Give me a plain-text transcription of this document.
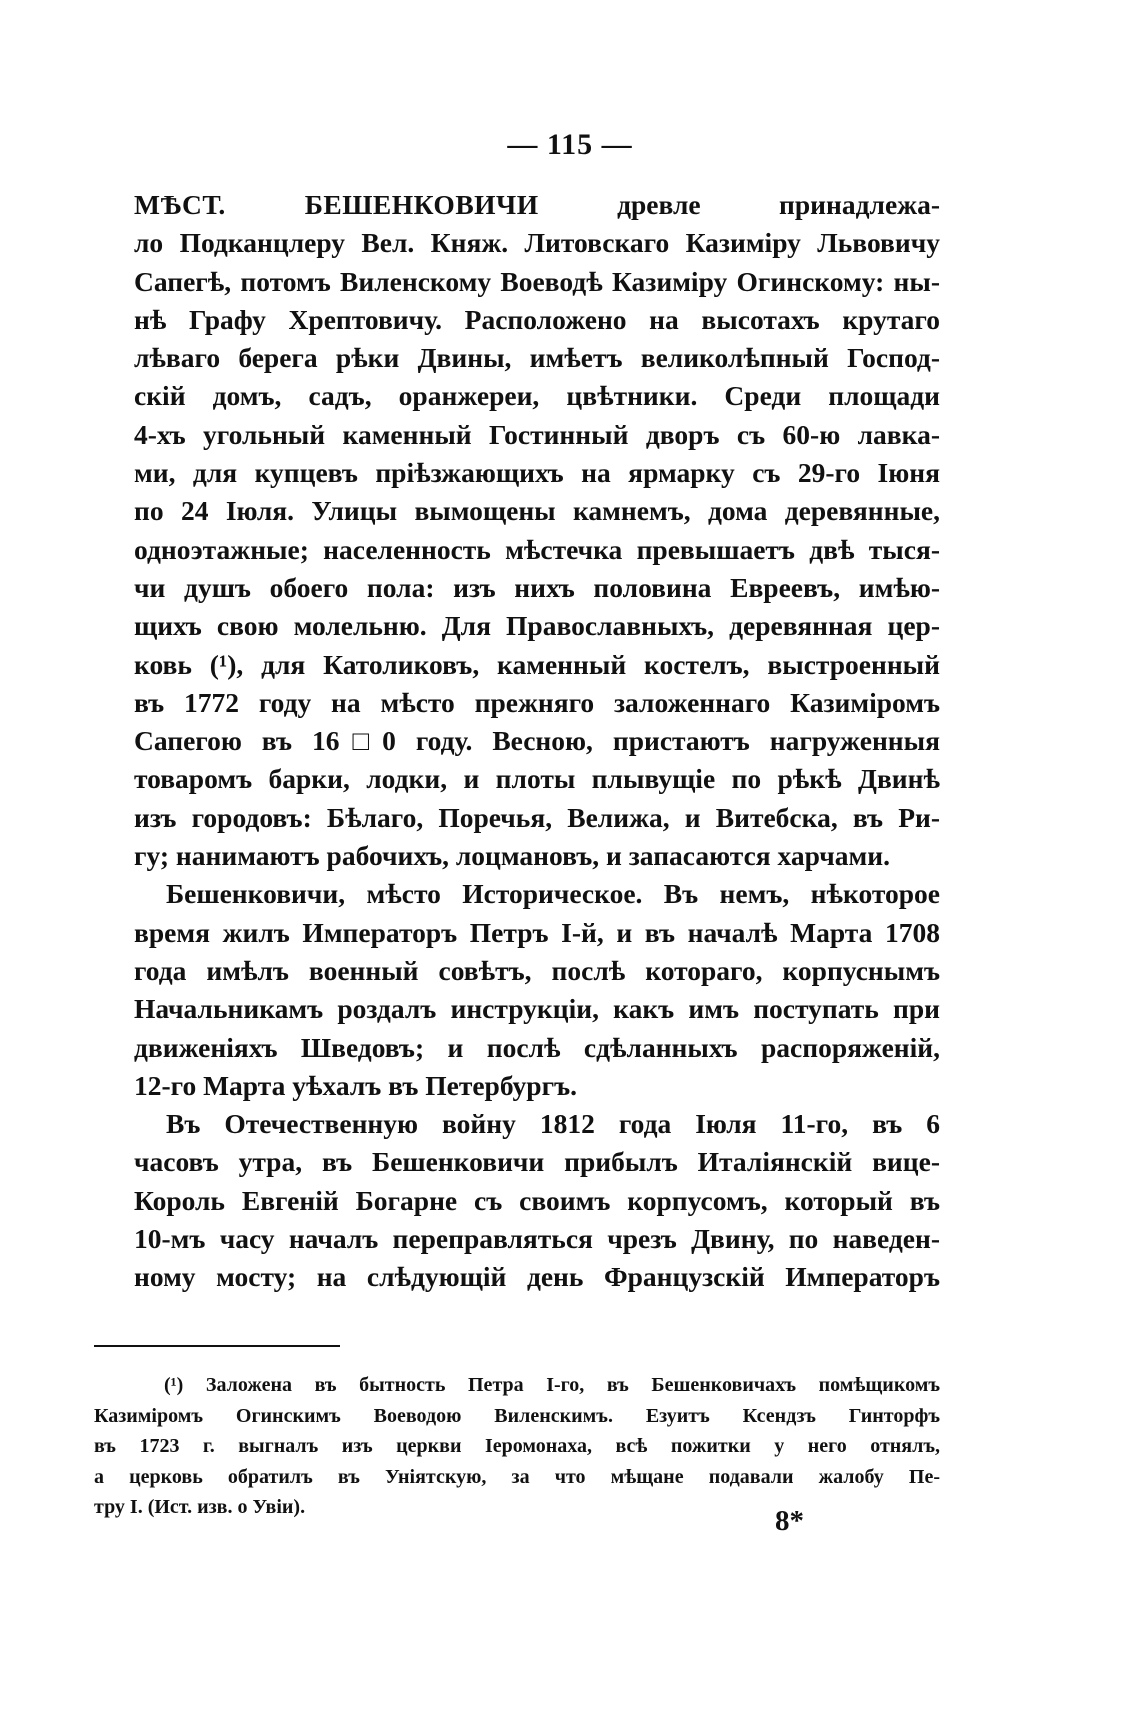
— 115 —
МѢСТ. БЕШЕНКОВИЧИ	древле принадлежа-
ло Подканцлеру Вел. Княж. Литовскаго Казиміру Львовичу
Сапегѣ, потомъ Виленскому Воеводѣ Казиміру Огинскому: ны-
нѣ Графу Хрептовичу. Расположено на высотахъ крутаго
лѣваго берега рѣки Двины, имѣетъ великолѣпный Господ-
скій домъ, садъ, оранжереи, цвѣтники. Среди площади
4-хъ угольный каменный Гостинный дворъ съ 60-ю лавка-
ми, для купцевъ пріѣзжающихъ на ярмарку съ 29-го Іюня
по 24 Іюля. Улицы вымощены камнемъ, дома деревянные,
одноэтажные; населенность мѣстечка превышаетъ двѣ тыся-
чи душъ обоего пола: изъ нихъ половина Евреевъ, имѣю-
щихъ свою молельню. Для Православныхъ, деревянная цер-
ковь (¹), для Католиковъ, каменный костелъ, выстроенный
въ 1772 году на мѣсто прежняго заложеннаго Казиміромъ
Сапегою въ 16□0 году. Весною, пристаютъ нагруженныя
товаромъ барки, лодки, и плоты плывущіе по рѣкѣ Двинѣ
изъ городовъ: Бѣлаго, Поречья, Велижа, и Витебска, въ Ри-
гу; нанимаютъ рабочихъ, лоцмановъ, и запасаются харчами.
Бешенковичи, мѣсто Историческое. Въ немъ, нѣкоторое
время жилъ Императоръ Петръ I-й, и въ началѣ Марта 1708
года имѣлъ военный совѣтъ, послѣ котораго, корпуснымъ
Начальникамъ роздалъ инструкціи, какъ имъ поступать при
движеніяхъ Шведовъ; и послѣ сдѣланныхъ распоряженій,
12-го Марта уѣхалъ въ Петербургъ.
Въ Отечественную войну 1812 года Іюля 11-го, въ 6
часовъ утра, въ Бешенковичи прибылъ Италіянскій вице-
Король Евгеній Богарне съ своимъ корпусомъ, который въ
10-мъ часу началъ переправляться чрезъ Двину, по наведен-
ному мосту; на слѣдующій день Французскій Императоръ
(¹) Заложена въ бытность Петра I-го, въ Бешенковичахъ помѣщикомъ
Казиміромъ Огинскимъ Воеводою Виленскимъ. Езуитъ Ксендзъ Гинторфъ
въ 1723 г. выгналъ изъ церкви Іеромонаха, всѣ пожитки у него отнялъ,
а церковь обратилъ въ Уніятскую, за что мѣщане подавали жалобу Пе-
тру I. (Ист. изв. о Увіи).	8*
